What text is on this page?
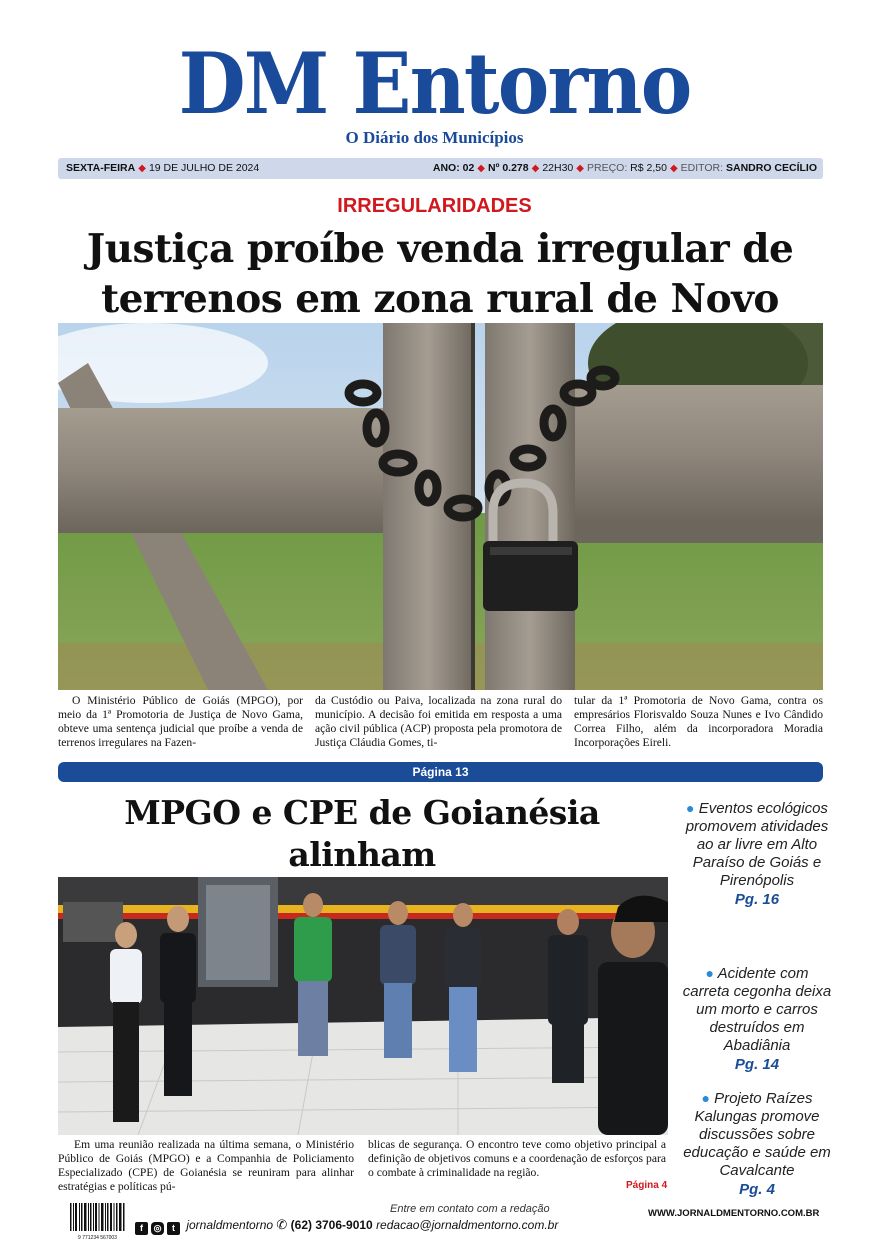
DM Entorno
O Diário dos Municípios
SEXTA-FEIRA ◆ 19 DE JULHO DE 2024	ANO: 02 ◆ Nº 0.278 ◆ 22H30 ◆ PREÇO: R$ 2,50 ◆ EDITOR: SANDRO CECÍLIO
IRREGULARIDADES
Justiça proíbe venda irregular de
terrenos em zona rural de Novo
O Ministério Público de Goiás (MPGO), por meio da 1ª Promotoria de Justiça de Novo Gama, obteve uma sentença judicial que proíbe a venda de terrenos irregulares na Fazen-
da Custódio ou Paiva, localizada na zona rural do município. A decisão foi emitida em resposta a uma ação civil pública (ACP) proposta pela promotora de Justiça Cláudia Gomes, ti-
tular da 1ª Promotoria de Novo Gama, contra os empresários Florisvaldo Souza Nunes e Ivo Cândido Correa Filho, além da incorporadora Moradia Incorporações Eireli.
Página 13
MPGO e CPE de Goianésia alinham
Em uma reunião realizada na última semana, o Ministério Público de Goiás (MPGO) e a Companhia de Policiamento Especializado (CPE) de Goianésia se reuniram para alinhar estratégias e políticas pú-
blicas de segurança. O encontro teve como objetivo principal a definição de objetivos comuns e a coordenação de esforços para o combate à criminalidade na região.
Página 4
● Eventos ecológicos promovem atividades ao ar livre em Alto Paraíso de Goiás e Pirenópolis
Pg. 16
● Acidente com carreta cegonha deixa um morto e carros destruídos em Abadiânia
Pg. 14
● Projeto Raízes Kalungas promove discussões sobre educação e saúde em Cavalcante
Pg. 4
9 771234 567003
Entre em contato com a redação
f ◎ t jornaldmentorno ✆ (62) 3706-9010 redacao@jornaldmentorno.com.br
WWW.JORNALDMENTORNO.COM.BR
